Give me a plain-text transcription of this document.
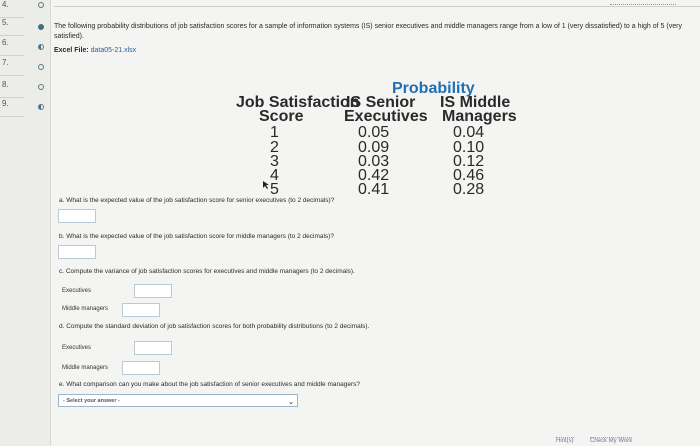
4.
5.
6.
7.
8.
9.

The following probability distributions of job satisfaction scores for a sample of information systems (IS) senior executives and middle managers range from a low of 1 (very dissatisfied) to a high of 5 (very satisfied).

Excel File: data05-21.xlsx
Probability
Job Satisfaction
Score
IS Senior
Executives
IS Middle
Managers
1	0.05	0.04
2	0.09	0.10
3	0.03	0.12
4	0.42	0.46
5	0.41	0.28
a. What is the expected value of the job satisfaction score for senior executives (to 2 decimals)?
b. What is the expected value of the job satisfaction score for middle managers (to 2 decimals)?
c. Compute the variance of job satisfaction scores for executives and middle managers (to 2 decimals).
Executives
Middle managers
d. Compute the standard deviation of job satisfaction scores for both probability distributions (to 2 decimals).
Executives
Middle managers
e. What comparison can you make about the job satisfaction of senior executives and middle managers?
- Select your answer -	⌄
Hint(s)	Check My Work
